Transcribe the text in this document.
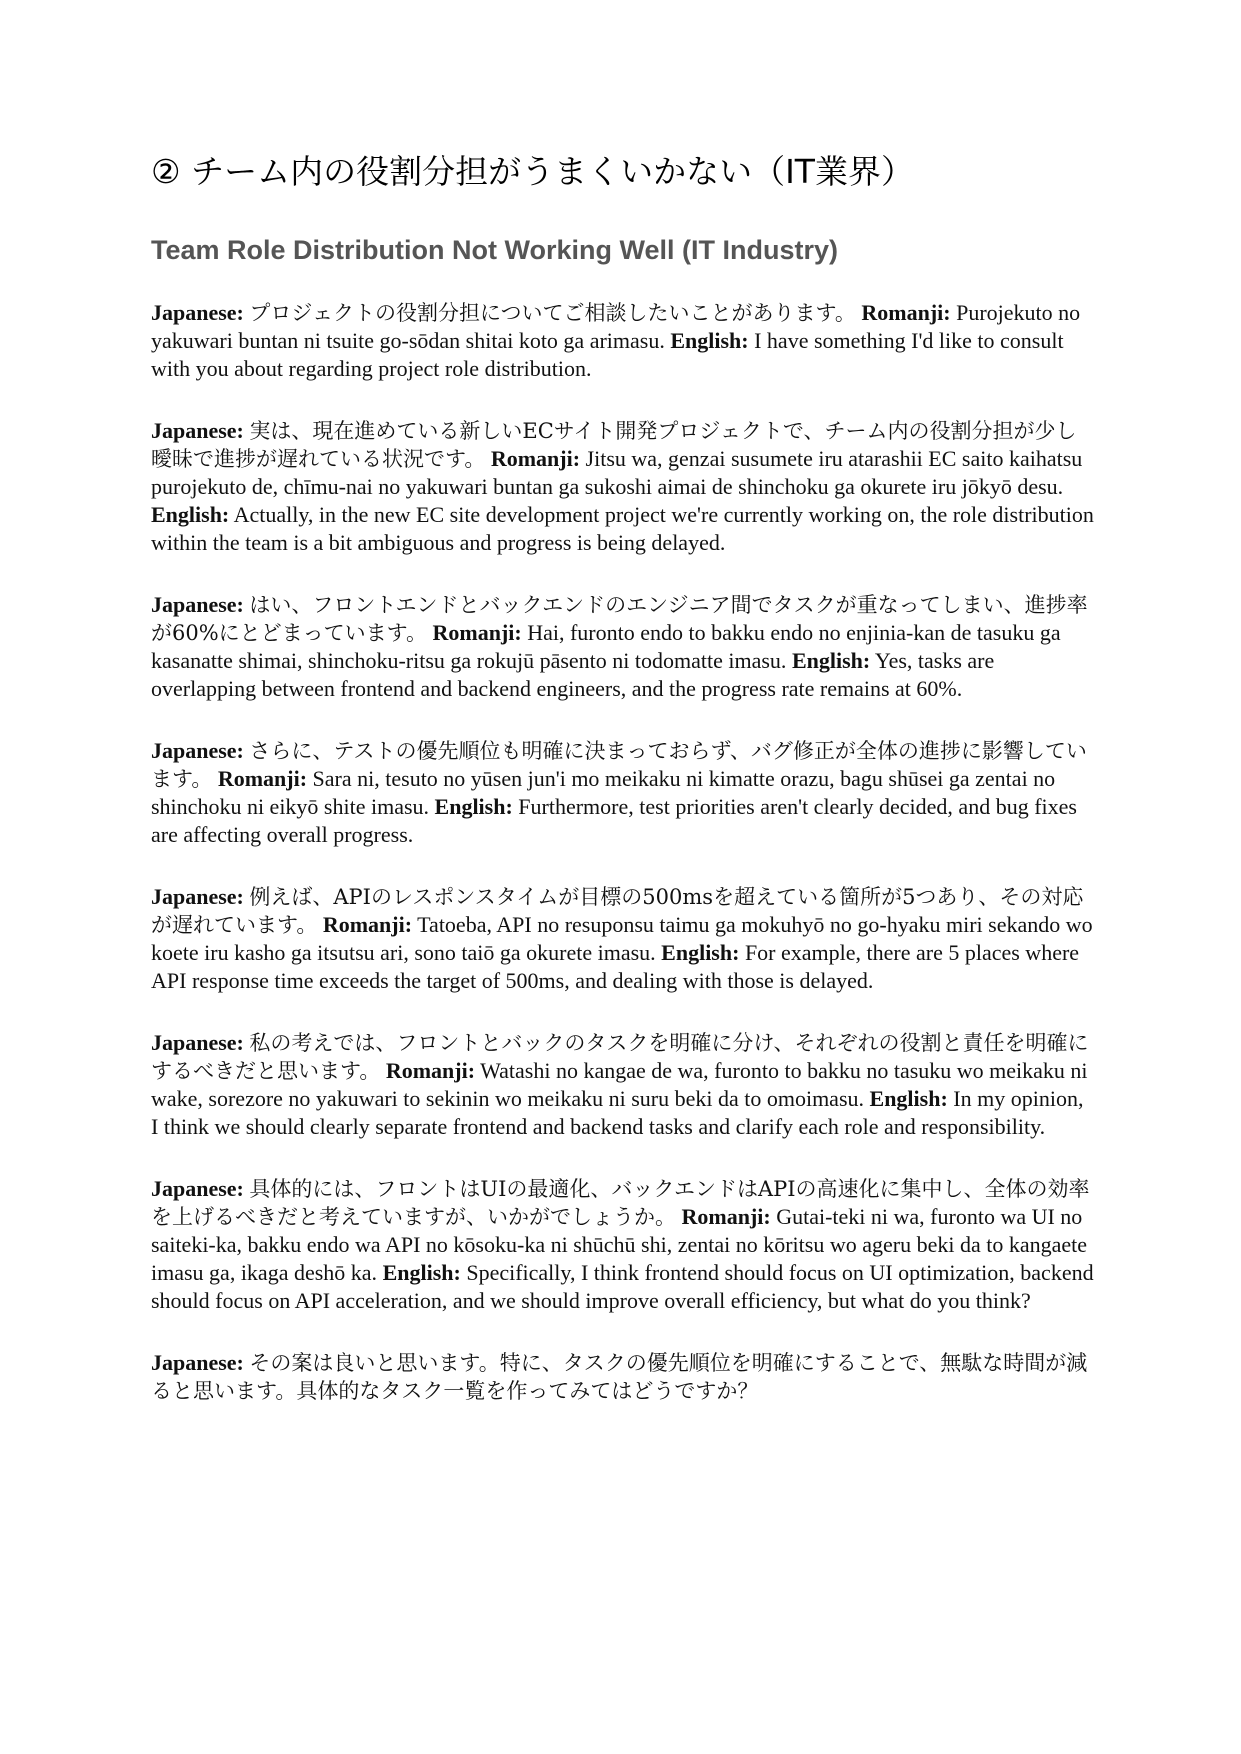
② チーム内の役割分担がうまくいかない（IT業界）
Team Role Distribution Not Working Well (IT Industry)

Japanese: プロジェクトの役割分担についてご相談したいことがあります。 Romanji: Purojekuto no yakuwari buntan ni tsuite go-sōdan shitai koto ga arimasu. English: I have something I'd like to consult with you about regarding project role distribution.

Japanese: 実は、現在進めている新しいECサイト開発プロジェクトで、チーム内の役割分担が少し曖昧で進捗が遅れている状況です。 Romanji: Jitsu wa, genzai susumete iru atarashii EC saito kaihatsu purojekuto de, chīmu-nai no yakuwari buntan ga sukoshi aimai de shinchoku ga okurete iru jōkyō desu. English: Actually, in the new EC site development project we're currently working on, the role distribution within the team is a bit ambiguous and progress is being delayed.

Japanese: はい、フロントエンドとバックエンドのエンジニア間でタスクが重なってしまい、進捗率が60%にとどまっています。 Romanji: Hai, furonto endo to bakku endo no enjinia-kan de tasuku ga kasanatte shimai, shinchoku-ritsu ga rokujū pāsento ni todomatte imasu. English: Yes, tasks are overlapping between frontend and backend engineers, and the progress rate remains at 60%.

Japanese: さらに、テストの優先順位も明確に決まっておらず、バグ修正が全体の進捗に影響しています。 Romanji: Sara ni, tesuto no yūsen jun'i mo meikaku ni kimatte orazu, bagu shūsei ga zentai no shinchoku ni eikyō shite imasu. English: Furthermore, test priorities aren't clearly decided, and bug fixes are affecting overall progress.

Japanese: 例えば、APIのレスポンスタイムが目標の500msを超えている箇所が5つあり、その対応が遅れています。 Romanji: Tatoeba, API no resuponsu taimu ga mokuhyō no go-hyaku miri sekando wo koete iru kasho ga itsutsu ari, sono taiō ga okurete imasu. English: For example, there are 5 places where API response time exceeds the target of 500ms, and dealing with those is delayed.

Japanese: 私の考えでは、フロントとバックのタスクを明確に分け、それぞれの役割と責任を明確にするべきだと思います。 Romanji: Watashi no kangae de wa, furonto to bakku no tasuku wo meikaku ni wake, sorezore no yakuwari to sekinin wo meikaku ni suru beki da to omoimasu. English: In my opinion, I think we should clearly separate frontend and backend tasks and clarify each role and responsibility.

Japanese: 具体的には、フロントはUIの最適化、バックエンドはAPIの高速化に集中し、全体の効率を上げるべきだと考えていますが、いかがでしょうか。 Romanji: Gutai-teki ni wa, furonto wa UI no saiteki-ka, bakku endo wa API no kōsoku-ka ni shūchū shi, zentai no kōritsu wo ageru beki da to kangaete imasu ga, ikaga deshō ka. English: Specifically, I think frontend should focus on UI optimization, backend should focus on API acceleration, and we should improve overall efficiency, but what do you think?

Japanese: その案は良いと思います。特に、タスクの優先順位を明確にすることで、無駄な時間が減ると思います。具体的なタスク一覧を作ってみてはどうですか？
